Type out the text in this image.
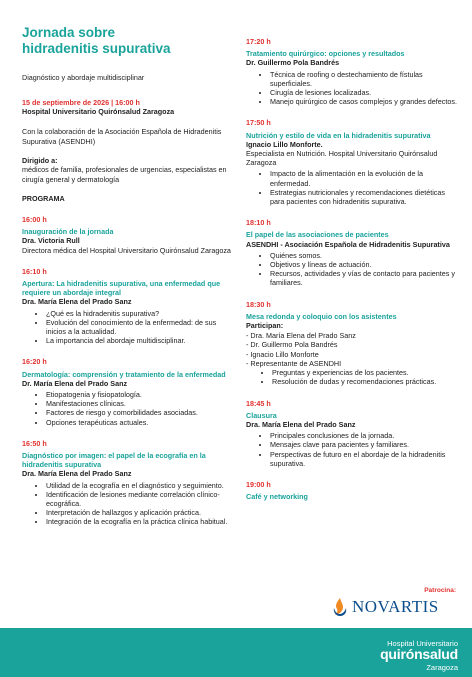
Jornada sobre
hidradenitis supurativa
Diagnóstico y abordaje multidisciplinar
15 de septiembre de 2026 | 16:00 h
Hospital Universitario Quirónsalud Zaragoza
Con la colaboración de la Asociación Española de Hidradenitis Supurativa (ASENDHI)
Dirigido a:
médicos de familia, profesionales de urgencias, especialistas en cirugía general y dermatología
PROGRAMA
16:00 h
Inauguración de la jornada
Dra. Victoria Rull
Directora médica del Hospital Universitario Quirónsalud Zaragoza
16:10 h
Apertura: La hidradenitis supurativa, una enfermedad que requiere un abordaje integral
Dra. María Elena del Prado Sanz
• ¿Qué es la hidradenitis supurativa?
• Evolución del conocimiento de la enfermedad: de sus inicios a la actualidad.
• La importancia del abordaje multidisciplinar.
16:20 h
Dermatología: comprensión y tratamiento de la enfermedad
Dr. María Elena del Prado Sanz
• Etiopatogenia y fisiopatología.
• Manifestaciones clínicas.
• Factores de riesgo y comorbilidades asociadas.
• Opciones terapéuticas actuales.
16:50 h
Diagnóstico por imagen: el papel de la ecografía en la hidradenitis supurativa
Dra. María Elena del Prado Sanz
• Utilidad de la ecografía en el diagnóstico y seguimiento.
• Identificación de lesiones mediante correlación clínico-ecográfica.
• Interpretación de hallazgos y aplicación práctica.
• Integración de la ecografía en la práctica clínica habitual.
17:20 h
Tratamiento quirúrgico: opciones y resultados
Dr. Guillermo Pola Bandrés
• Técnica de roofing o destechamiento de fístulas superficiales.
• Cirugía de lesiones localizadas.
• Manejo quirúrgico de casos complejos y grandes defectos.
17:50 h
Nutrición y estilo de vida en la hidradenitis supurativa
Ignacio Lillo Monforte.
Especialista en Nutrición. Hospital Universitario Quirónsalud Zaragoza
• Impacto de la alimentación en la evolución de la enfermedad.
• Estrategias nutricionales y recomendaciones dietéticas para pacientes con hidradenitis supurativa.
18:10 h
El papel de las asociaciones de pacientes
ASENDHI - Asociación Española de Hidradenitis Supurativa
• Quiénes somos.
• Objetivos y líneas de actuación.
• Recursos, actividades y vías de contacto para pacientes y familiares.
18:30 h
Mesa redonda y coloquio con los asistentes
Participan:
- Dra. María Elena del Prado Sanz
- Dr. Guillermo Pola Bandrés
- Ignacio Lillo Monforte
- Representante de ASENDHI
• Preguntas y experiencias de los pacientes.
• Resolución de dudas y recomendaciones prácticas.
18:45 h
Clausura
Dra. María Elena del Prado Sanz
• Principales conclusiones de la jornada.
• Mensajes clave para pacientes y familiares.
• Perspectivas de futuro en el abordaje de la hidradenitis supurativa.
19:00 h
Café y networking
Patrocina:
NOVARTIS
Hospital Universitario
quirónsalud
Zaragoza
